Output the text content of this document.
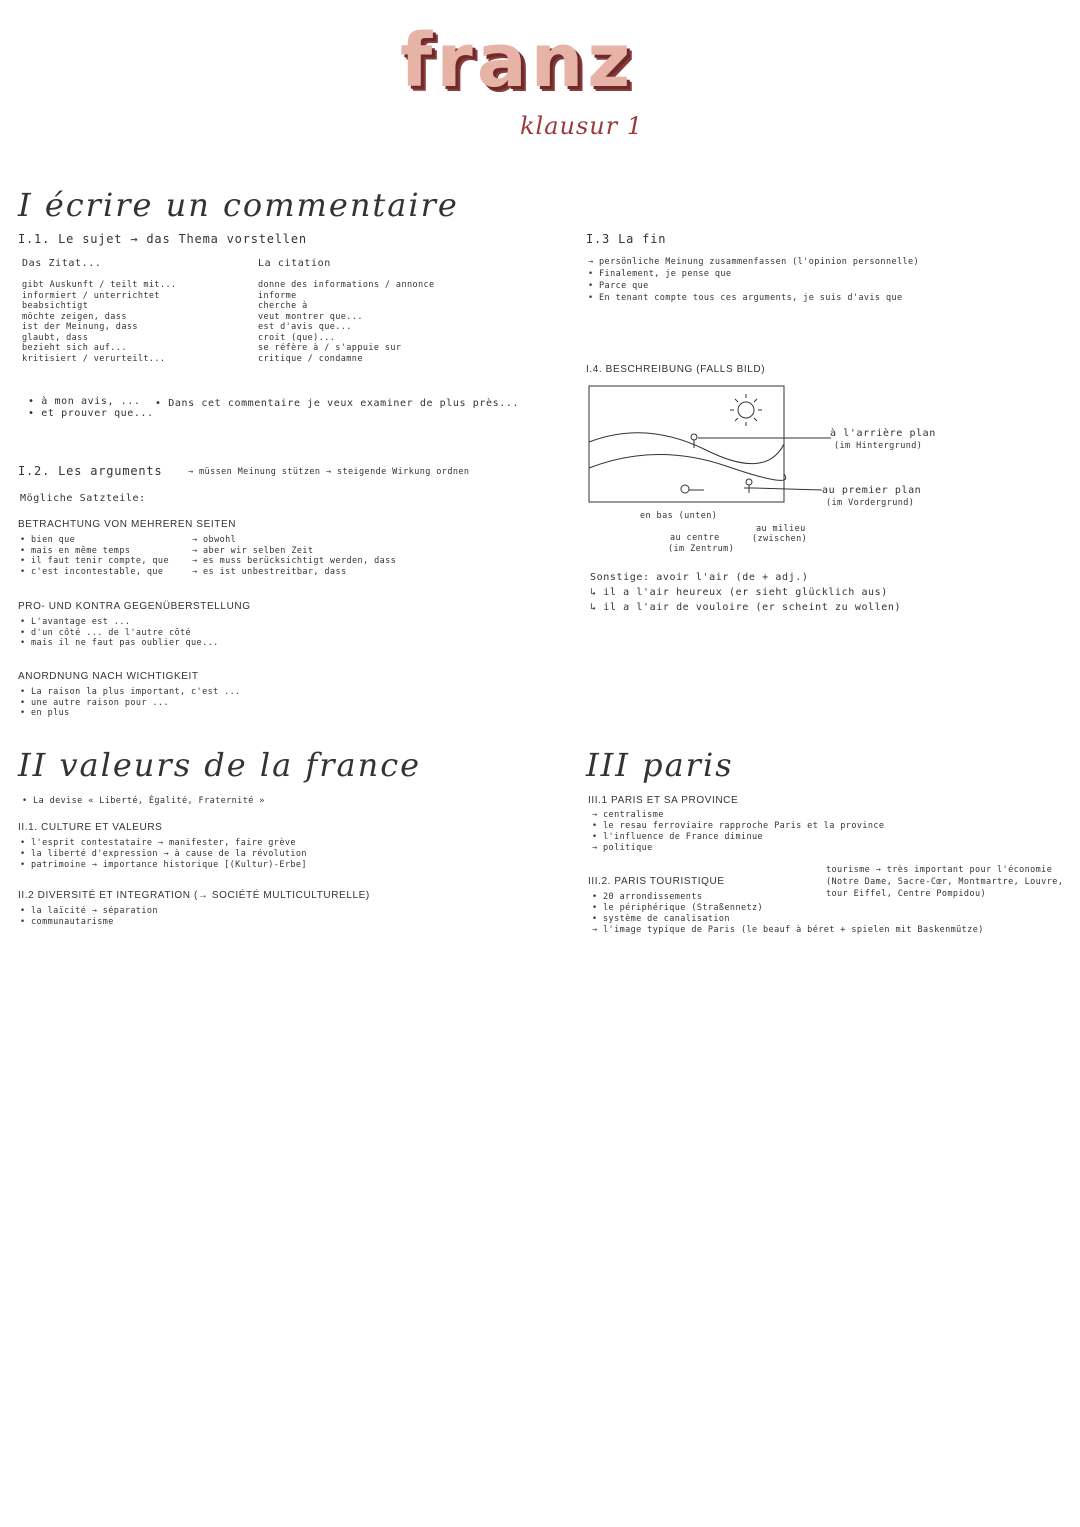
franz
klausur 1
I écrire un commentaire
I.1. Le sujet → das Thema vorstellen
Das Zitat...

gibt Auskunft / teilt mit...

informiert / unterrichtet

beabsichtigt

möchte zeigen, dass

ist der Meinung, dass

glaubt, dass

bezieht sich auf...

kritisiert / verurteilt...

La citation

donne des informations / annonce

informe

cherche à

veut montrer que...

est d'avis que...

croit (que)...

se réfère à / s'appuie sur

critique / condamne

• à mon avis, ...

• et prouver que...

• Dans cet commentaire je veux examiner de plus près...
I.2. Les arguments	→ müssen Meinung stützen → steigende Wirkung ordnen
Mögliche Satzteile:
BETRACHTUNG VON MEHREREN SEITEN

• bien que

• mais en même temps

• il faut tenir compte, que

• c'est incontestable, que

→ obwohl

→ aber wir selben Zeit

→ es muss berücksichtigt werden, dass

→ es ist unbestreitbar, dass

PRO- UND KONTRA GEGENÜBERSTELLUNG

• L'avantage est ...

• d'un côté ... de l'autre côté

• mais il ne faut pas oublier que...

ANORDNUNG NACH WICHTIGKEIT

• La raison la plus important, c'est ...

• une autre raison pour ...

• en plus

I.3 La fin

→ persönliche Meinung zusammenfassen (l'opinion personnelle)

• Finalement, je pense que

• Parce que

• En tenant compte tous ces arguments, je suis d'avis que

I.4. BESCHREIBUNG (FALLS BILD)
à l'arrière plan
(im Hintergrund)
au premier plan
(im Vordergrund)
en bas (unten)
au centre
(im Zentrum)
au milieu
(zwischen)

Sonstige: avoir l'air (de + adj.)

↳ il a l'air heureux (er sieht glücklich aus)

↳ il a l'air de vouloire (er scheint zu wollen)

II valeurs de la france
• La devise « Liberté, Égalité, Fraternité »
II.1. CULTURE ET VALEURS

• l'esprit contestataire → manifester, faire grève

• la liberté d'expression → à cause de la révolution

• patrimoine → importance historique [(Kultur)-Erbe]

II.2 DIVERSITÉ ET INTEGRATION (→ SOCIÉTÉ MULTICULTURELLE)

• la laïcité → séparation

• communautarisme

III paris
III.1 PARIS ET SA PROVINCE

→ centralisme

• le resau ferroviaire rapproche Paris et la province

• l'influence de France diminue

→ politique

III.2. PARIS TOURISTIQUE

• 20 arrondissements

• le périphérique (Straßennetz)

• système de canalisation

→ l'image typique de Paris (le beauf à béret + spielen mit Baskenmütze)

tourisme → très important pour l'économie

(Notre Dame, Sacre-Cœr, Montmartre, Louvre,

tour Eiffel, Centre Pompidou)
